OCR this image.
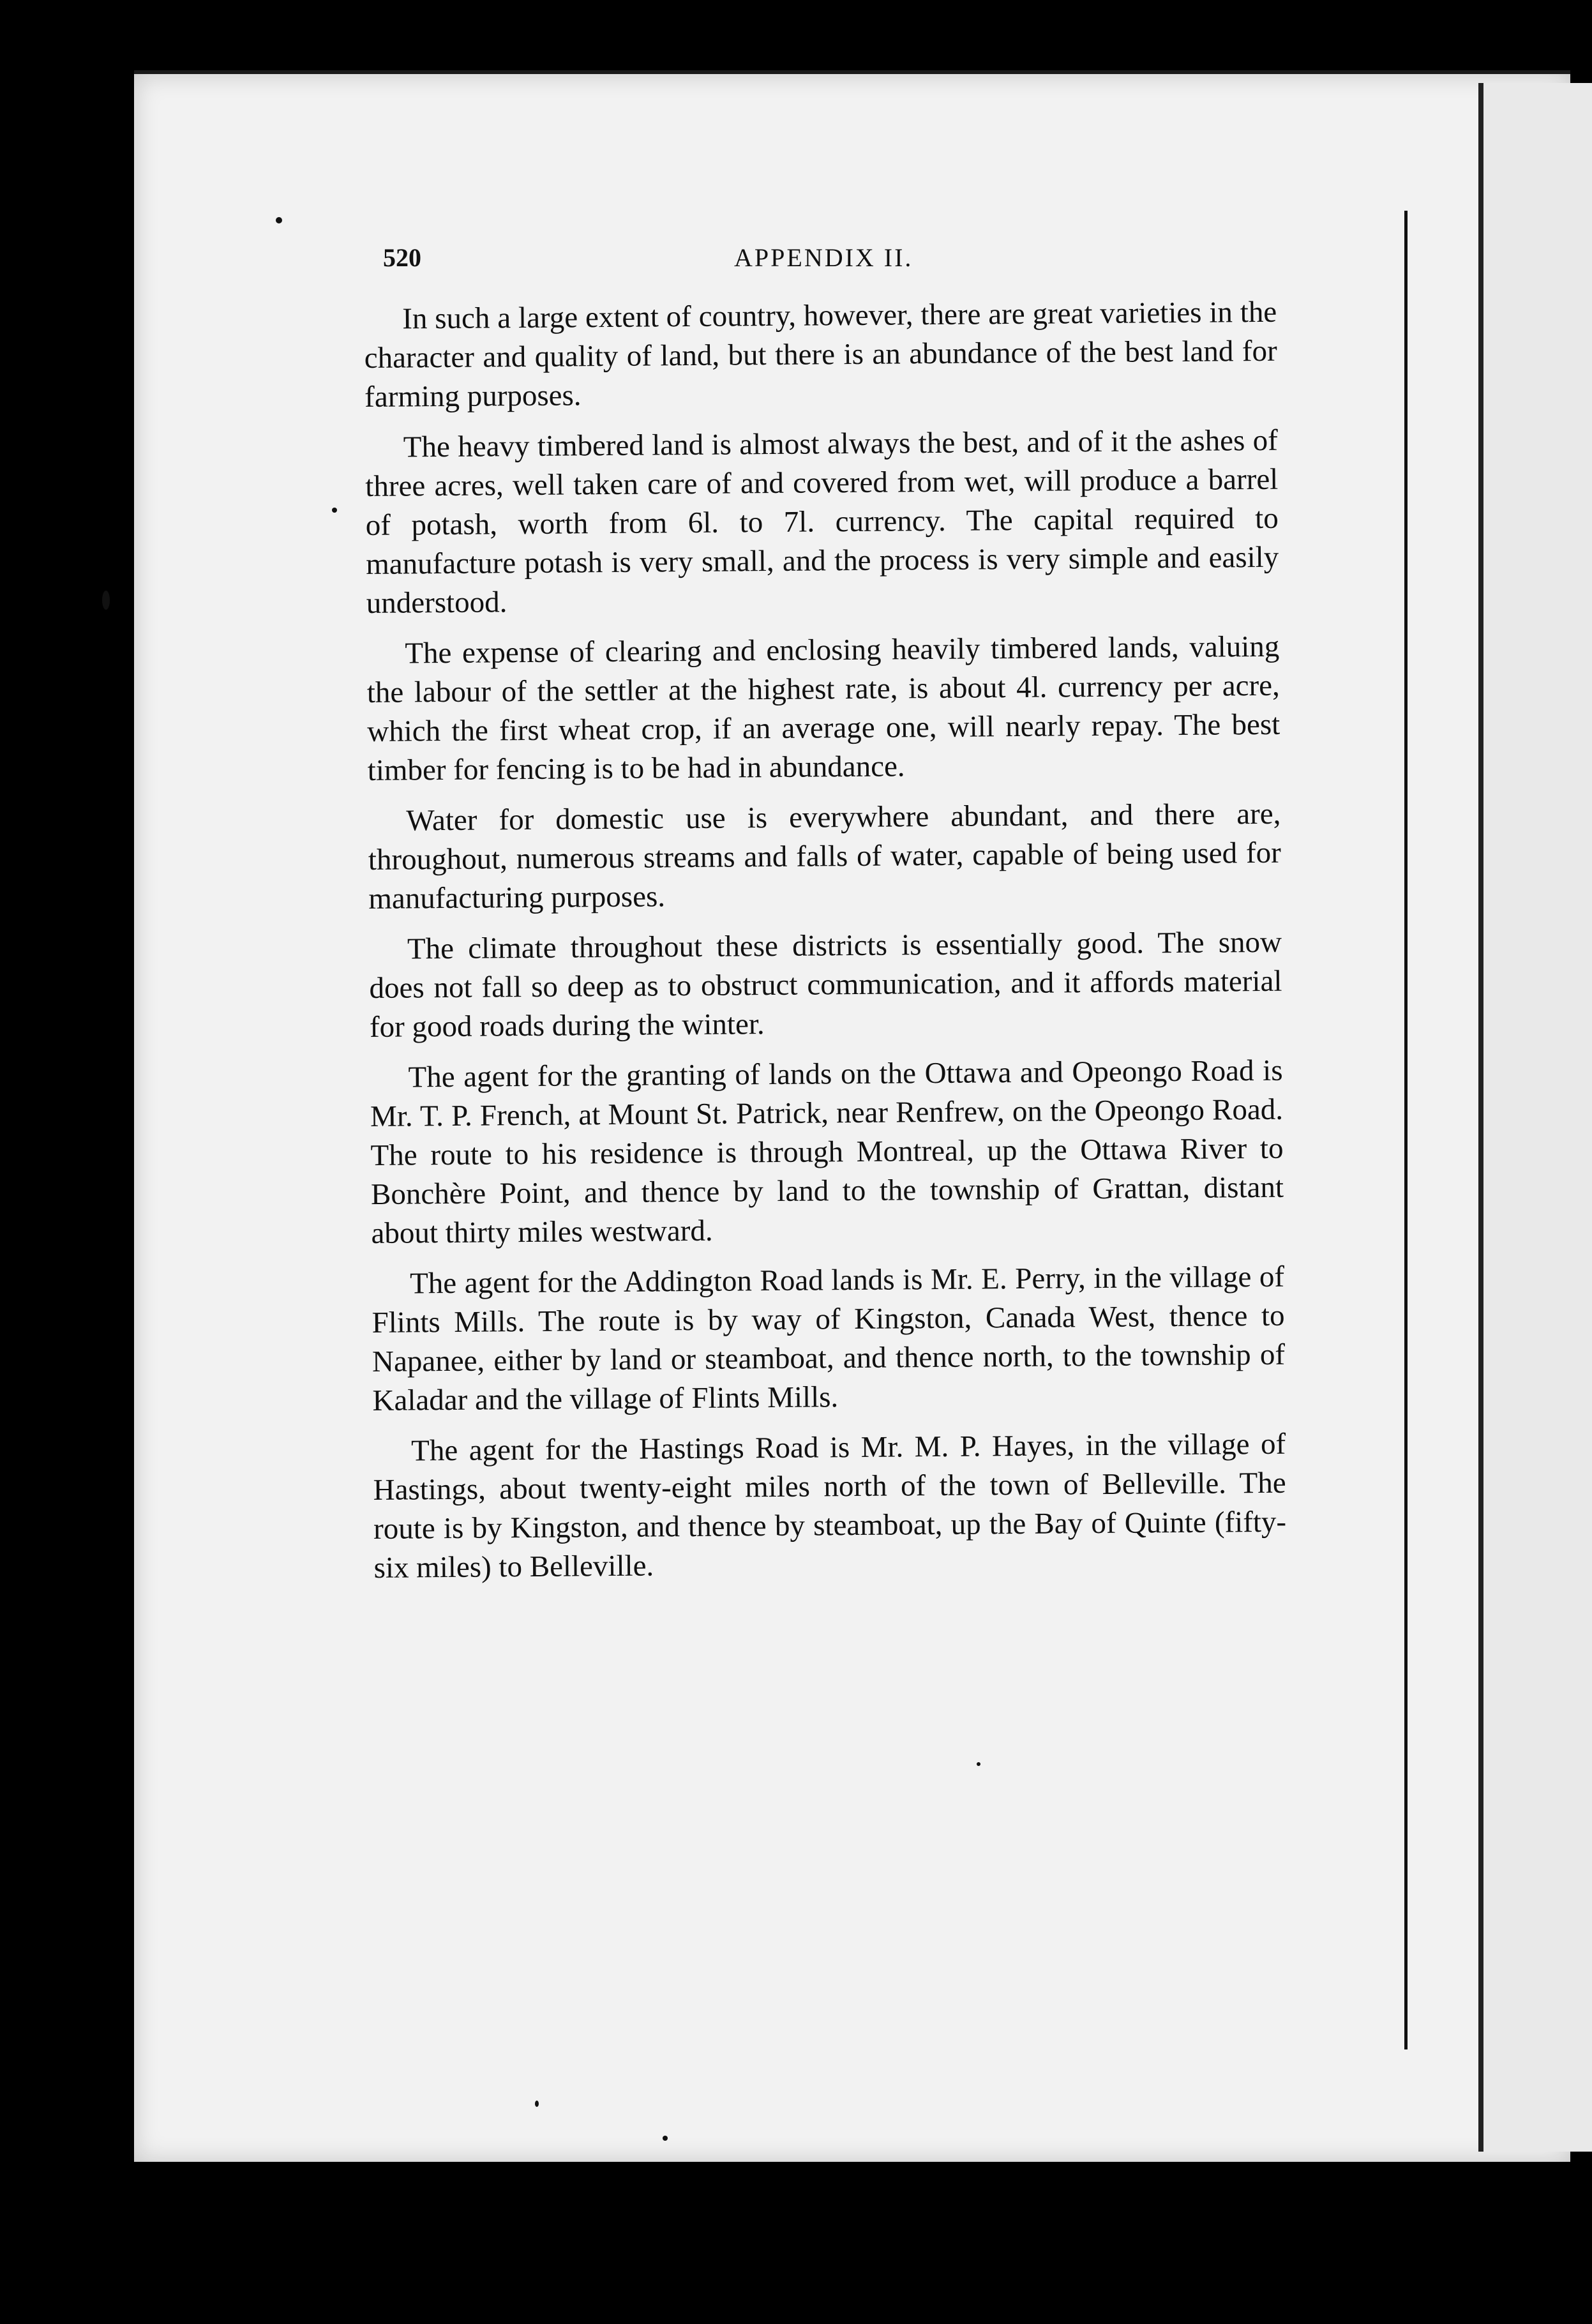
520	APPENDIX II.

In such a large extent of country, however, there are great varieties in the character and quality of land, but there is an abundance of the best land for farming purposes.

The heavy timbered land is almost always the best, and of it the ashes of three acres, well taken care of and covered from wet, will produce a barrel of potash, worth from 6l. to 7l. currency. The capital required to manufacture potash is very small, and the process is very simple and easily understood.

The expense of clearing and enclosing heavily timbered lands, valuing the labour of the settler at the highest rate, is about 4l. currency per acre, which the first wheat crop, if an average one, will nearly repay. The best timber for fencing is to be had in abundance.

Water for domestic use is everywhere abundant, and there are, throughout, numerous streams and falls of water, capable of being used for manufacturing purposes.

The climate throughout these districts is essentially good. The snow does not fall so deep as to obstruct communication, and it affords material for good roads during the winter.

The agent for the granting of lands on the Ottawa and Opeongo Road is Mr. T. P. French, at Mount St. Patrick, near Renfrew, on the Opeongo Road. The route to his residence is through Montreal, up the Ottawa River to Bonchère Point, and thence by land to the township of Grattan, distant about thirty miles westward.

The agent for the Addington Road lands is Mr. E. Perry, in the village of Flints Mills. The route is by way of Kingston, Canada West, thence to Napanee, either by land or steamboat, and thence north, to the township of Kaladar and the village of Flints Mills.

The agent for the Hastings Road is Mr. M. P. Hayes, in the village of Hastings, about twenty-eight miles north of the town of Belleville. The route is by Kingston, and thence by steamboat, up the Bay of Quinte (fifty-six miles) to Belleville.
